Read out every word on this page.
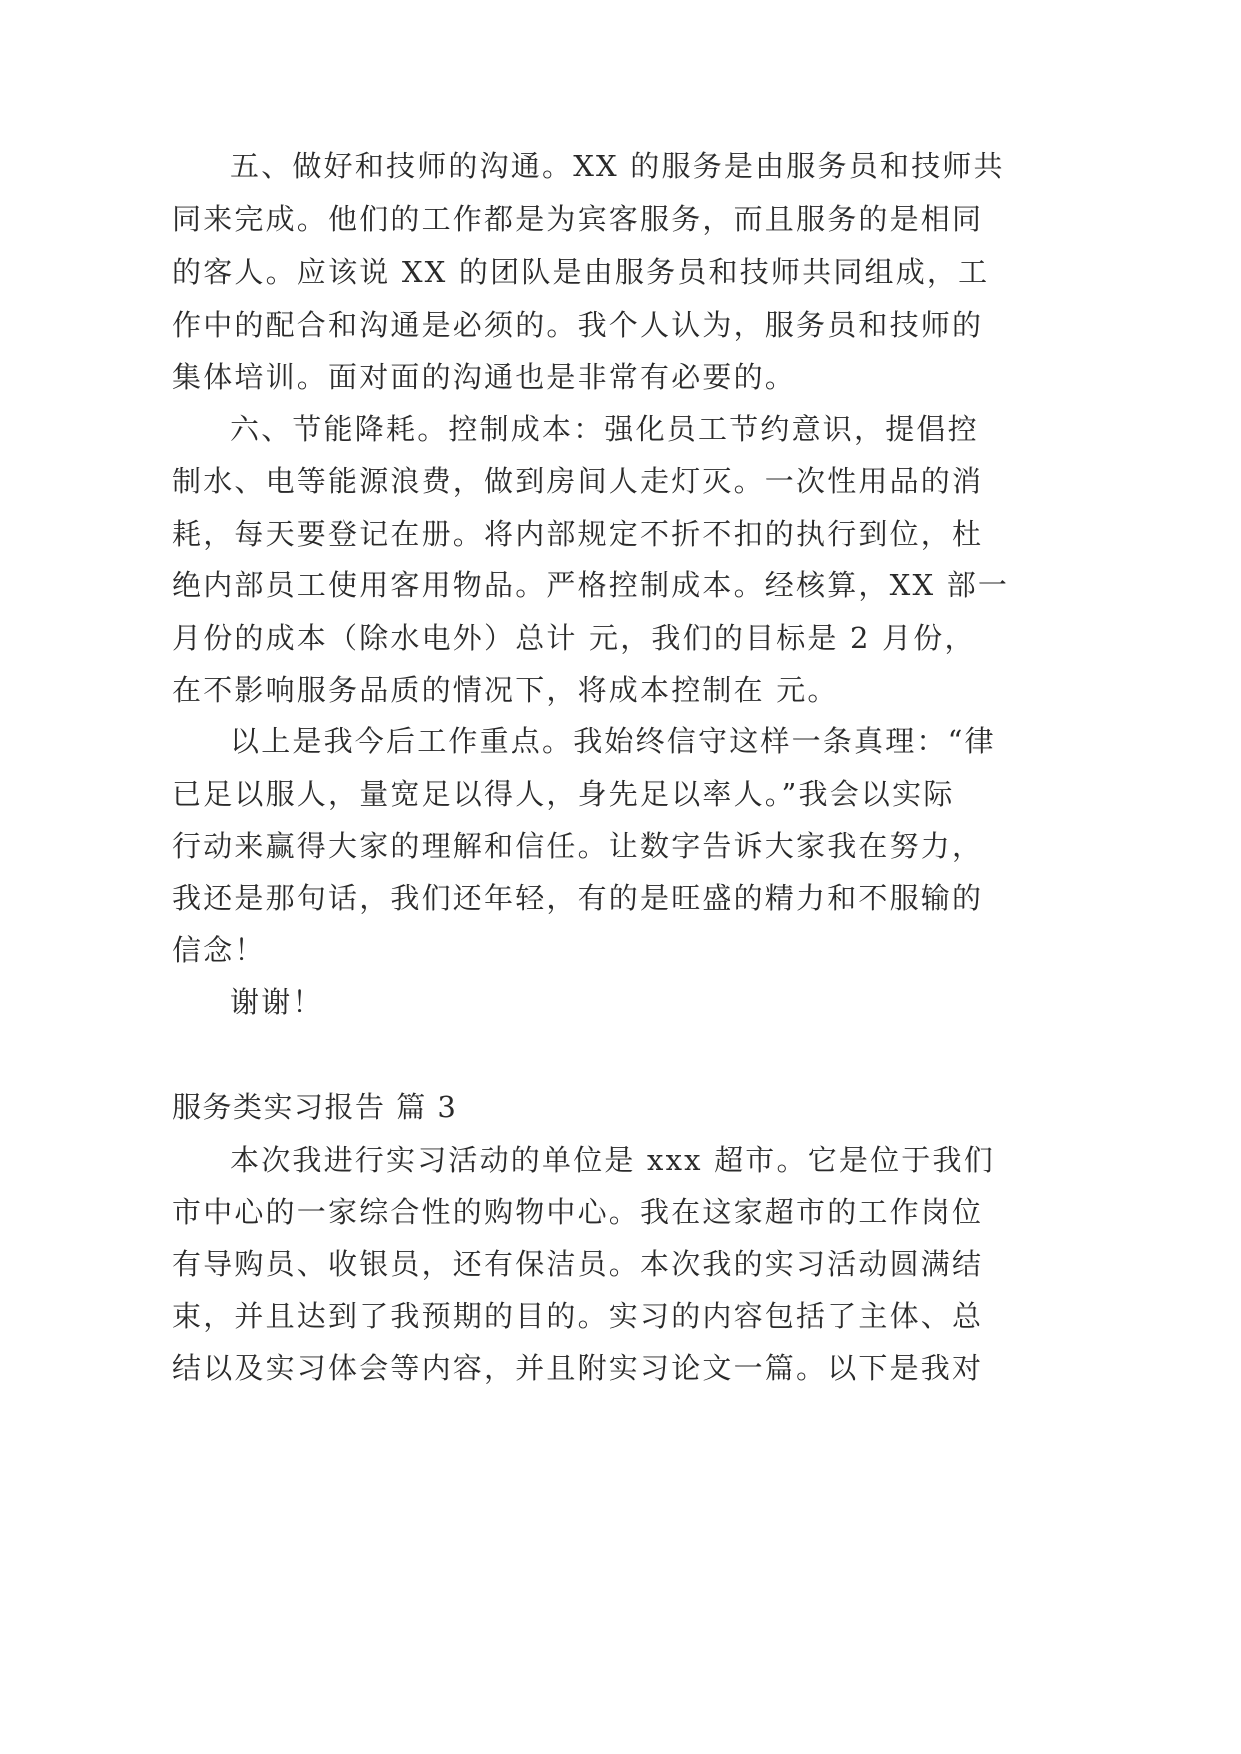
五、做好和技师的沟通。XX 的服务是由服务员和技师共
同来完成。他们的工作都是为宾客服务，而且服务的是相同
的客人。应该说 XX 的团队是由服务员和技师共同组成，工
作中的配合和沟通是必须的。我个人认为，服务员和技师的
集体培训。面对面的沟通也是非常有必要的。
六、节能降耗。控制成本：强化员工节约意识，提倡控
制水、电等能源浪费，做到房间人走灯灭。一次性用品的消
耗，每天要登记在册。将内部规定不折不扣的执行到位，杜
绝内部员工使用客用物品。严格控制成本。经核算，XX 部一
月份的成本（除水电外）总计 元，我们的目标是 2 月份，
在不影响服务品质的情况下，将成本控制在 元。
以上是我今后工作重点。我始终信守这样一条真理：“律
已足以服人，量宽足以得人，身先足以率人。”我会以实际
行动来赢得大家的理解和信任。让数字告诉大家我在努力，
我还是那句话，我们还年轻，有的是旺盛的精力和不服输的
信念！
谢谢！
服务类实习报告 篇 3
本次我进行实习活动的单位是 xxx 超市。它是位于我们
市中心的一家综合性的购物中心。我在这家超市的工作岗位
有导购员、收银员，还有保洁员。本次我的实习活动圆满结
束，并且达到了我预期的目的。实习的内容包括了主体、总
结以及实习体会等内容，并且附实习论文一篇。以下是我对
